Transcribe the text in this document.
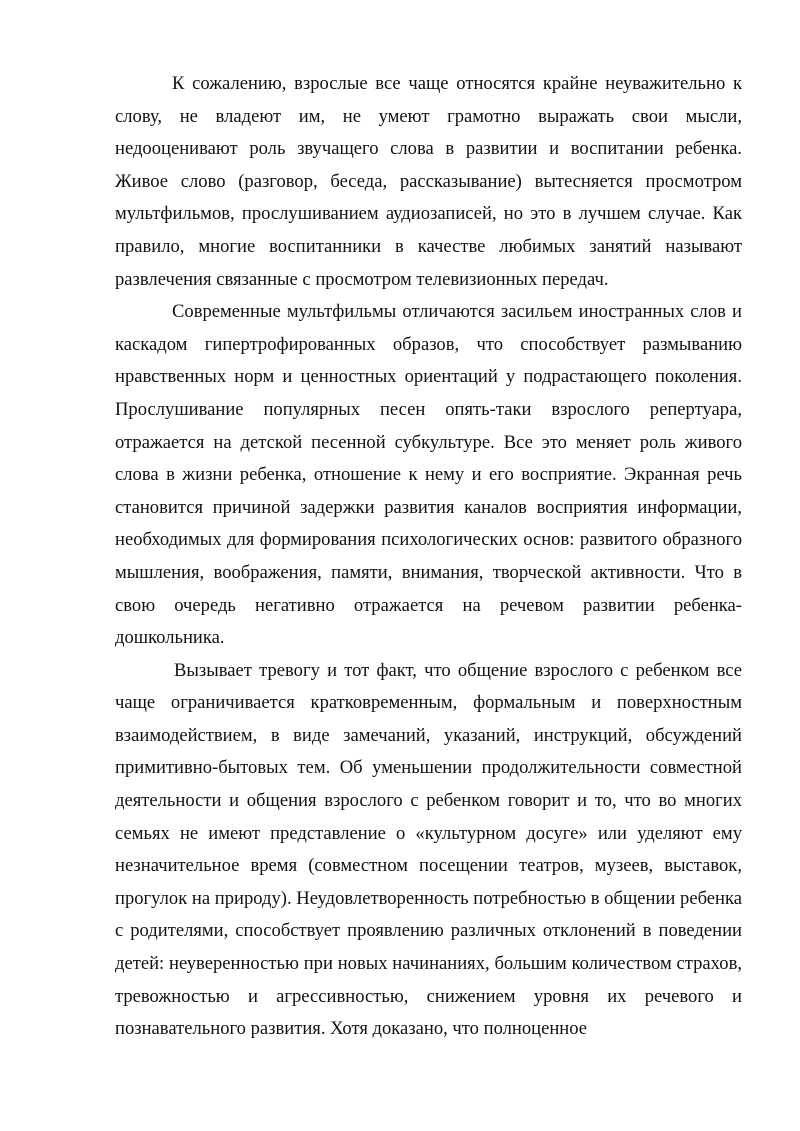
К сожалению, взрослые все чаще относятся крайне неуважительно к слову, не владеют им, не умеют грамотно выражать свои мысли, недооценивают роль звучащего слова в развитии и воспитании ребенка. Живое слово (разговор, беседа, рассказывание) вытесняется просмотром мультфильмов, прослушиванием аудиозаписей, но это в лучшем случае. Как правило, многие воспитанники в качестве любимых занятий называют развлечения связанные с просмотром телевизионных передач.

Современные мультфильмы отличаются засильем иностранных слов и каскадом гипертрофированных образов, что способствует размыванию нравственных норм и ценностных ориентаций у подрастающего поколения. Прослушивание популярных песен опять-таки взрослого репертуара, отражается на детской песенной субкультуре. Все это меняет роль живого слова в жизни ребенка, отношение к нему и его восприятие. Экранная речь становится причиной задержки развития каналов восприятия информации, необходимых для формирования психологических основ: развитого образного мышления, воображения, памяти, внимания, творческой активности. Что в свою очередь негативно отражается на речевом развитии ребенка-дошкольника.

Вызывает тревогу и тот факт, что общение взрослого с ребенком все чаще ограничивается кратковременным, формальным и поверхностным взаимодействием, в виде замечаний, указаний, инструкций, обсуждений примитивно-бытовых тем. Об уменьшении продолжительности совместной деятельности и общения взрослого с ребенком говорит и то, что во многих семьях не имеют представление о «культурном досуге» или уделяют ему незначительное время (совместном посещении театров, музеев, выставок, прогулок на природу). Неудовлетворенность потребностью в общении ребенка с родителями, способствует проявлению различных отклонений в поведении детей: неуверенностью при новых начинаниях, большим количеством страхов, тревожностью и агрессивностью, снижением уровня их речевого и познавательного развития. Хотя доказано, что полноценное
